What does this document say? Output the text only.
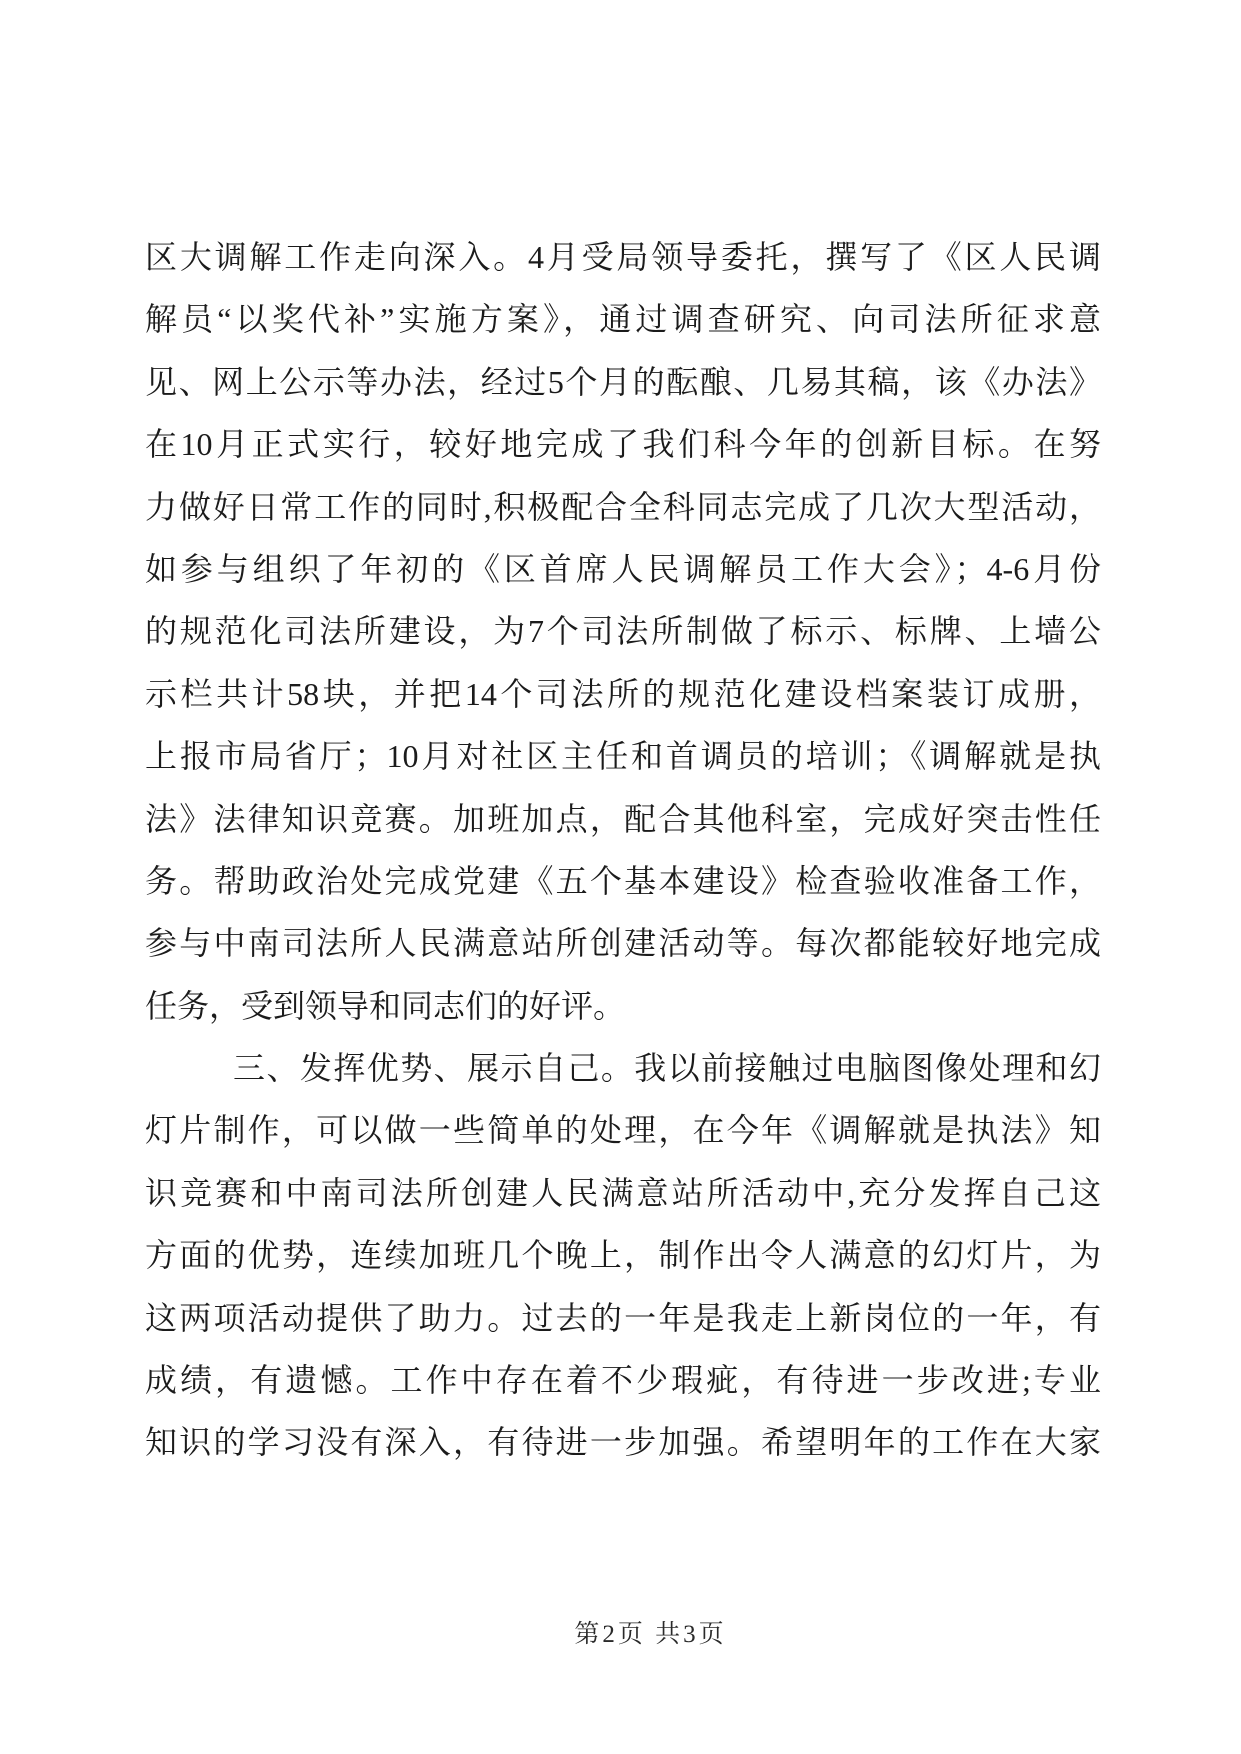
区大调解工作走向深入。4月受局领导委托，撰写了《区人民调
解员“以奖代补”实施方案》，通过调查研究、向司法所征求意
见、网上公示等办法，经过5个月的酝酿、几易其稿，该《办法》
在10月正式实行，较好地完成了我们科今年的创新目标。在努
力做好日常工作的同时,积极配合全科同志完成了几次大型活动，
如参与组织了年初的《区首席人民调解员工作大会》；4-6月份
的规范化司法所建设，为7个司法所制做了标示、标牌、上墙公
示栏共计58块，并把14个司法所的规范化建设档案装订成册，
上报市局省厅；10月对社区主任和首调员的培训；《调解就是执
法》法律知识竞赛。加班加点，配合其他科室，完成好突击性任
务。帮助政治处完成党建《五个基本建设》检查验收准备工作，
参与中南司法所人民满意站所创建活动等。每次都能较好地完成
任务，受到领导和同志们的好评。
三、发挥优势、展示自己。我以前接触过电脑图像处理和幻
灯片制作，可以做一些简单的处理，在今年《调解就是执法》知
识竞赛和中南司法所创建人民满意站所活动中,充分发挥自己这
方面的优势，连续加班几个晚上，制作出令人满意的幻灯片，为
这两项活动提供了助力。过去的一年是我走上新岗位的一年，有
成绩，有遗憾。工作中存在着不少瑕疵，有待进一步改进;专业
知识的学习没有深入，有待进一步加强。希望明年的工作在大家
第2页 共3页
